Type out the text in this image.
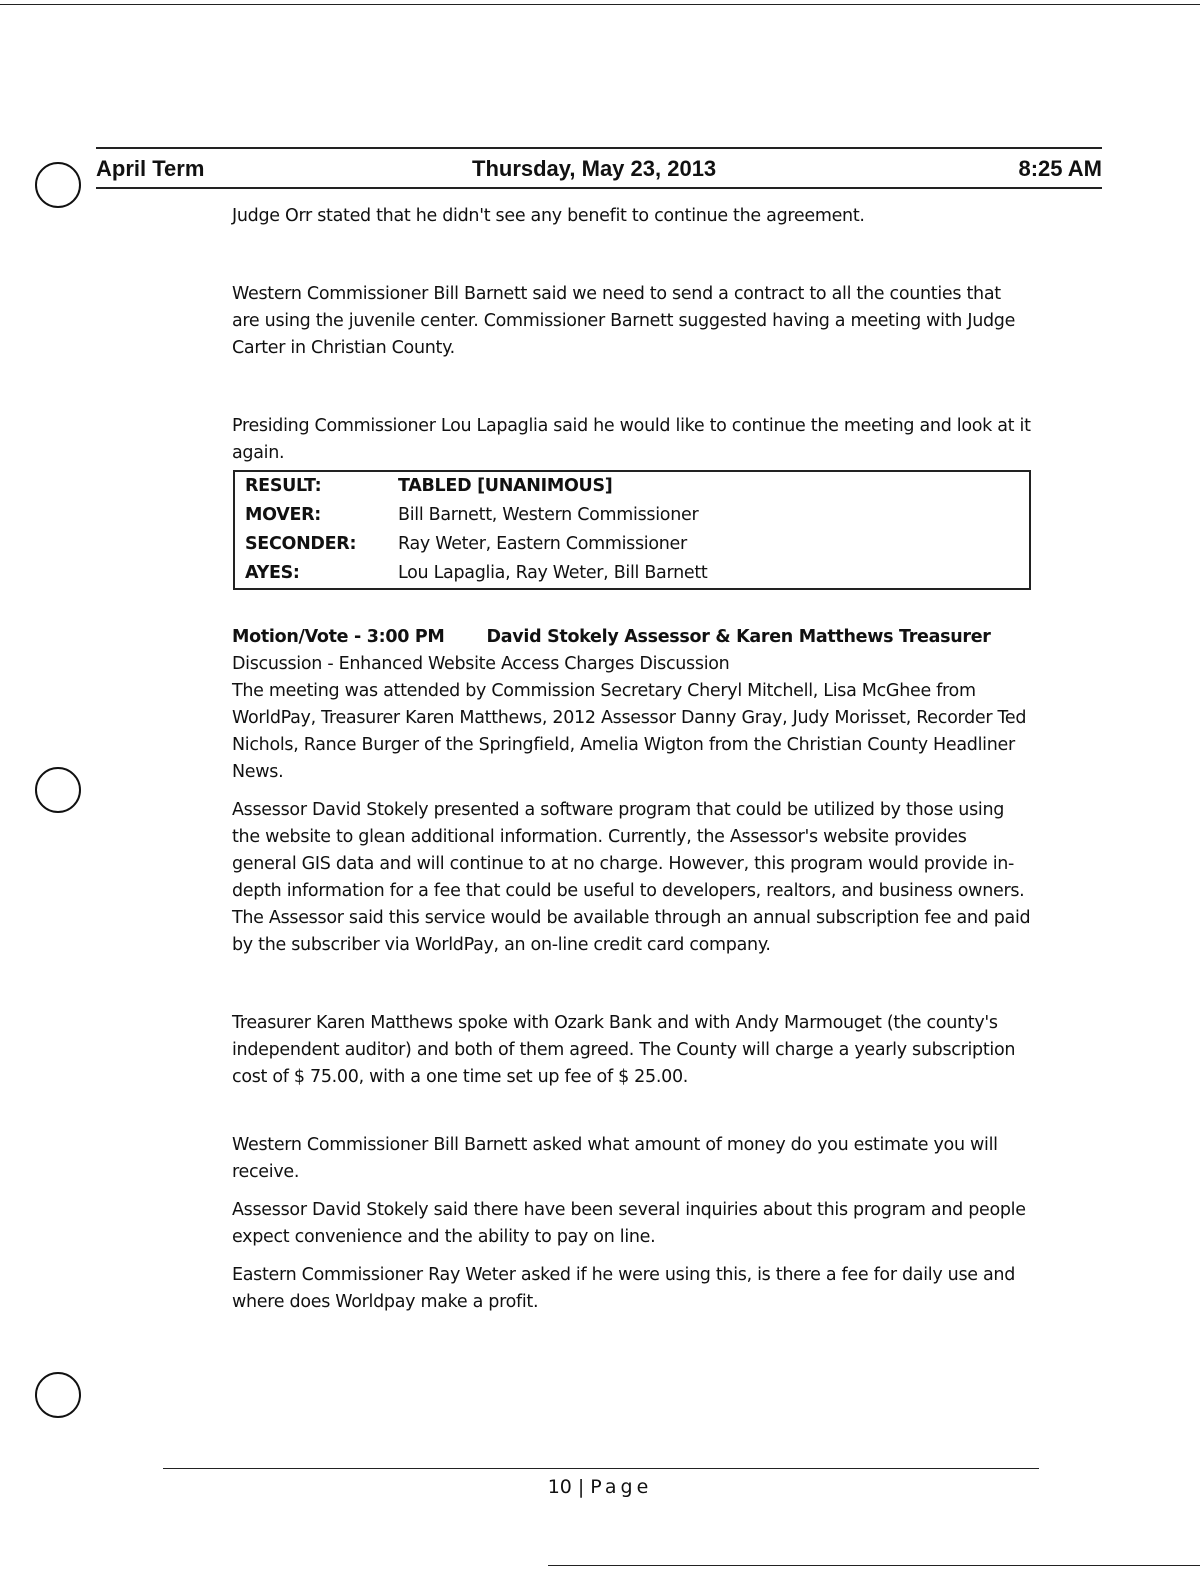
April Term	Thursday, May 23, 2013	8:25 AM

Judge Orr stated that he didn't see any benefit to continue the agreement.

Western Commissioner Bill Barnett said we need to send a contract to all the counties that are using the juvenile center. Commissioner Barnett suggested having a meeting with Judge Carter in Christian County.

Presiding Commissioner Lou Lapaglia said he would like to continue the meeting and look at it again.

RESULT:	TABLED [UNANIMOUS]
MOVER:	Bill Barnett, Western Commissioner
SECONDER:	Ray Weter, Eastern Commissioner
AYES:	Lou Lapaglia, Ray Weter, Bill Barnett

Motion/Vote - 3:00 PM David Stokely Assessor & Karen Matthews Treasurer

Discussion - Enhanced Website Access Charges Discussion

The meeting was attended by Commission Secretary Cheryl Mitchell, Lisa McGhee from WorldPay, Treasurer Karen Matthews, 2012 Assessor Danny Gray, Judy Morisset, Recorder Ted Nichols, Rance Burger of the Springfield, Amelia Wigton from the Christian County Headliner News.

Assessor David Stokely presented a software program that could be utilized by those using the website to glean additional information. Currently, the Assessor's website provides general GIS data and will continue to at no charge. However, this program would provide in-depth information for a fee that could be useful to developers, realtors, and business owners. The Assessor said this service would be available through an annual subscription fee and paid by the subscriber via WorldPay, an on-line credit card company.

Treasurer Karen Matthews spoke with Ozark Bank and with Andy Marmouget (the county's independent auditor) and both of them agreed. The County will charge a yearly subscription cost of $ 75.00, with a one time set up fee of $ 25.00.

Western Commissioner Bill Barnett asked what amount of money do you estimate you will receive.

Assessor David Stokely said there have been several inquiries about this program and people expect convenience and the ability to pay on line.

Eastern Commissioner Ray Weter asked if he were using this, is there a fee for daily use and where does Worldpay make a profit.

10 | Page
